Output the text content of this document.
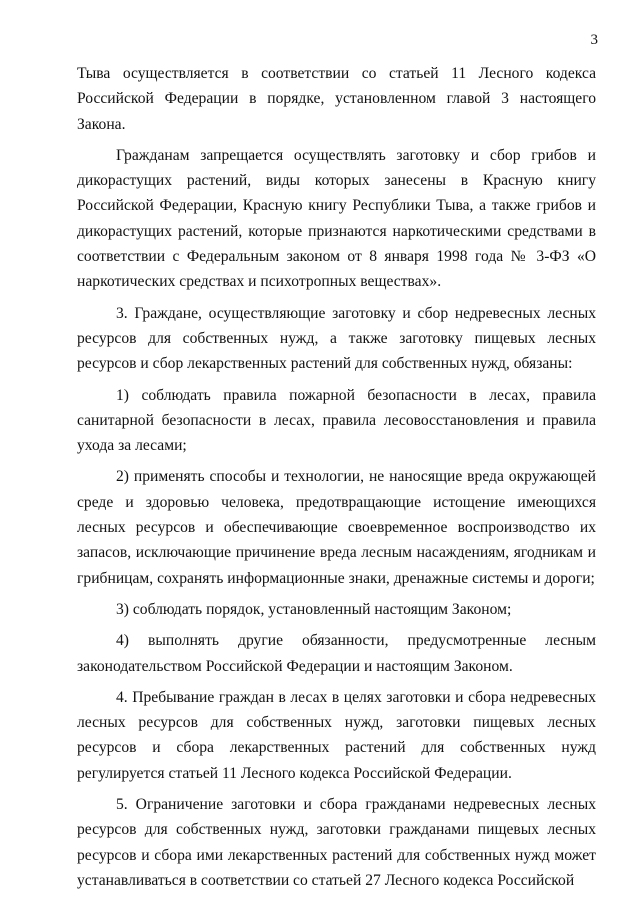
3

Тыва осуществляется в соответствии со статьей 11 Лесного кодекса Российской Федерации в порядке, установленном главой 3 настоящего Закона.

Гражданам запрещается осуществлять заготовку и сбор грибов и дикорастущих растений, виды которых занесены в Красную книгу Российской Федерации, Красную книгу Республики Тыва, а также грибов и дикорастущих растений, которые признаются наркотическими средствами в соответствии с Федеральным законом от 8 января 1998 года № 3-ФЗ «О наркотических средствах и психотропных веществах».

3. Граждане, осуществляющие заготовку и сбор недревесных лесных ресурсов для собственных нужд, а также заготовку пищевых лесных ресурсов и сбор лекарственных растений для собственных нужд, обязаны:

1) соблюдать правила пожарной безопасности в лесах, правила санитарной безопасности в лесах, правила лесовосстановления и правила ухода за лесами;

2) применять способы и технологии, не наносящие вреда окружающей среде и здоровью человека, предотвращающие истощение имеющихся лесных ресурсов и обеспечивающие своевременное воспроизводство их запасов, исключающие причинение вреда лесным насаждениям, ягодникам и грибницам, сохранять информационные знаки, дренажные системы и дороги;

3) соблюдать порядок, установленный настоящим Законом;

4) выполнять другие обязанности, предусмотренные лесным законодательством Российской Федерации и настоящим Законом.

4. Пребывание граждан в лесах в целях заготовки и сбора недревесных лесных ресурсов для собственных нужд, заготовки пищевых лесных ресурсов и сбора лекарственных растений для собственных нужд регулируется статьей 11 Лесного кодекса Российской Федерации.

5. Ограничение заготовки и сбора гражданами недревесных лесных ресурсов для собственных нужд, заготовки гражданами пищевых лесных ресурсов и сбора ими лекарственных растений для собственных нужд может устанавливаться в соответствии со статьей 27 Лесного кодекса Российской
